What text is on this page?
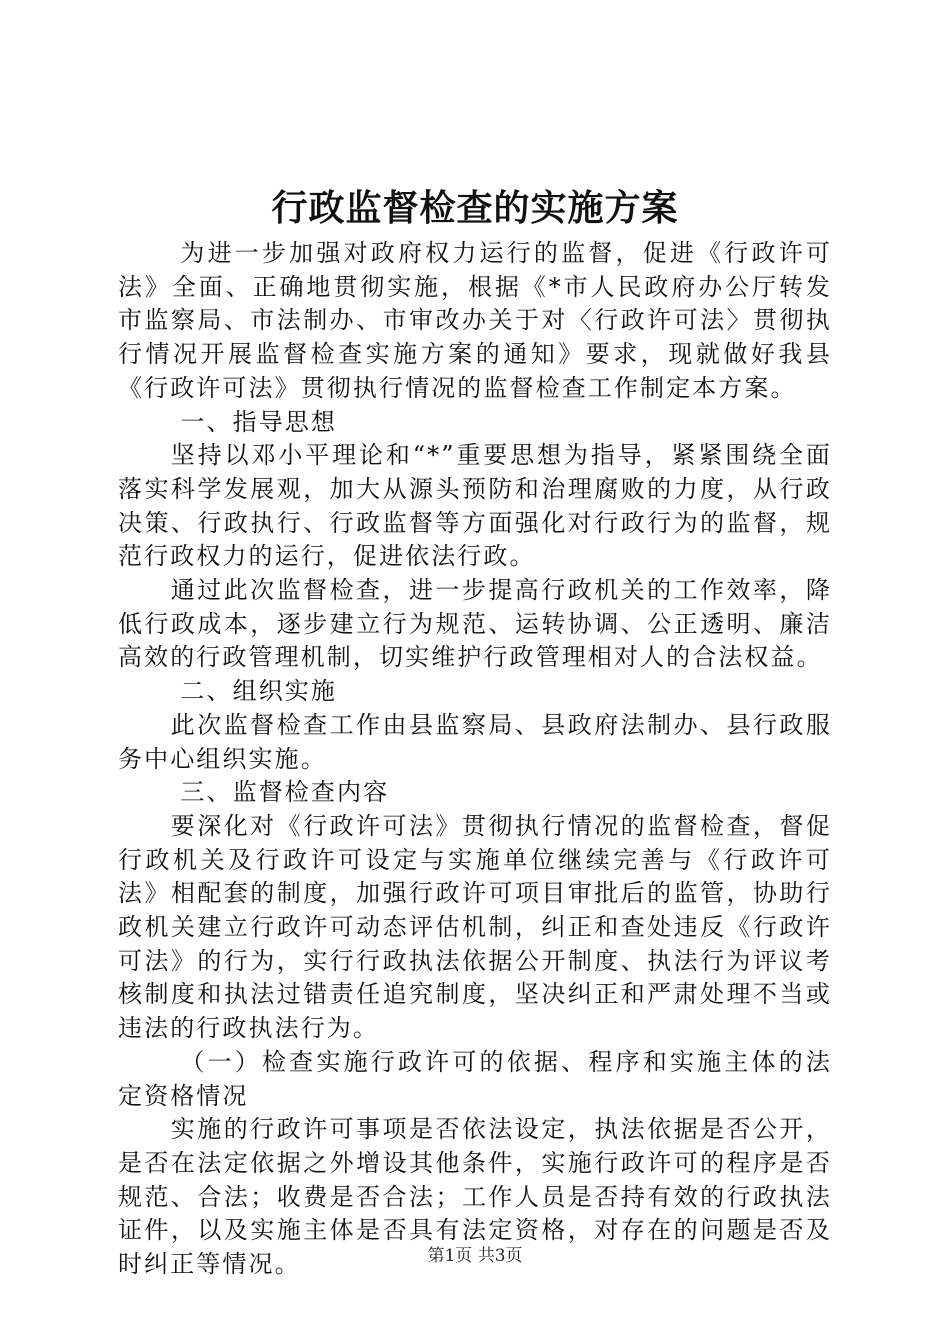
行政监督检查的实施方案

为进一步加强对政府权力运行的监督，促进《行政许可法》全面、正确地贯彻实施，根据《*市人民政府办公厅转发市监察局、市法制办、市审改办关于对〈行政许可法〉贯彻执行情况开展监督检查实施方案的通知》要求，现就做好我县《行政许可法》贯彻执行情况的监督检查工作制定本方案。

一、指导思想

坚持以邓小平理论和“*”重要思想为指导，紧紧围绕全面落实科学发展观，加大从源头预防和治理腐败的力度，从行政决策、行政执行、行政监督等方面强化对行政行为的监督，规范行政权力的运行，促进依法行政。

通过此次监督检查，进一步提高行政机关的工作效率，降低行政成本，逐步建立行为规范、运转协调、公正透明、廉洁高效的行政管理机制，切实维护行政管理相对人的合法权益。

二、组织实施

此次监督检查工作由县监察局、县政府法制办、县行政服务中心组织实施。

三、监督检查内容

要深化对《行政许可法》贯彻执行情况的监督检查，督促行政机关及行政许可设定与实施单位继续完善与《行政许可法》相配套的制度，加强行政许可项目审批后的监管，协助行政机关建立行政许可动态评估机制，纠正和查处违反《行政许可法》的行为，实行行政执法依据公开制度、执法行为评议考核制度和执法过错责任追究制度，坚决纠正和严肃处理不当或违法的行政执法行为。

（一）检查实施行政许可的依据、程序和实施主体的法定资格情况

实施的行政许可事项是否依法设定，执法依据是否公开，是否在法定依据之外增设其他条件，实施行政许可的程序是否规范、合法；收费是否合法；工作人员是否持有效的行政执法证件，以及实施主体是否具有法定资格，对存在的问题是否及时纠正等情况。	第1页 共3页
